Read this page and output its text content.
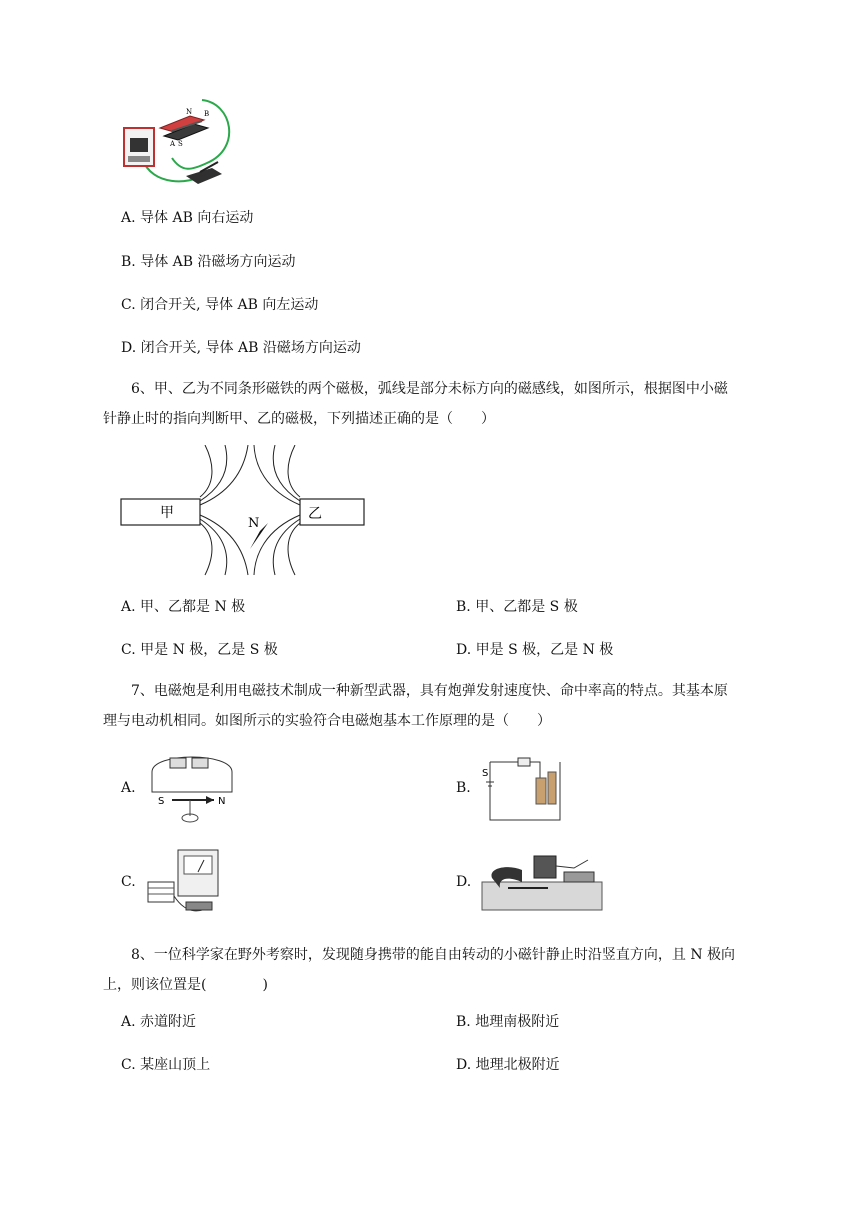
N
S
A
B
A. 导体 AB 向右运动
B. 导体 AB 沿磁场方向运动
C. 闭合开关, 导体 AB 向左运动
D. 闭合开关, 导体 AB 沿磁场方向运动

6、甲、乙为不同条形磁铁的两个磁极，弧线是部分未标方向的磁感线，如图所示，根据图中小磁

针静止时的指向判断甲、乙的磁极，下列描述正确的是（　　）

甲	乙
N
A. 甲、乙都是 N 极	B. 甲、乙都是 S 极
C. 甲是 N 极，乙是 S 极	D. 甲是 S 极，乙是 N 极

7、电磁炮是利用电磁技术制成一种新型武器，具有炮弹发射速度快、命中率高的特点。其基本原

理与电动机相同。如图所示的实验符合电磁炮基本工作原理的是（　　）

A.
S	N
B.
S
C.	D.

8、一位科学家在野外考察时，发现随身携带的能自由转动的小磁针静止时沿竖直方向，且 N 极向

上，则该位置是(　　　　)

A. 赤道附近	B. 地理南极附近
C. 某座山顶上	D. 地理北极附近
